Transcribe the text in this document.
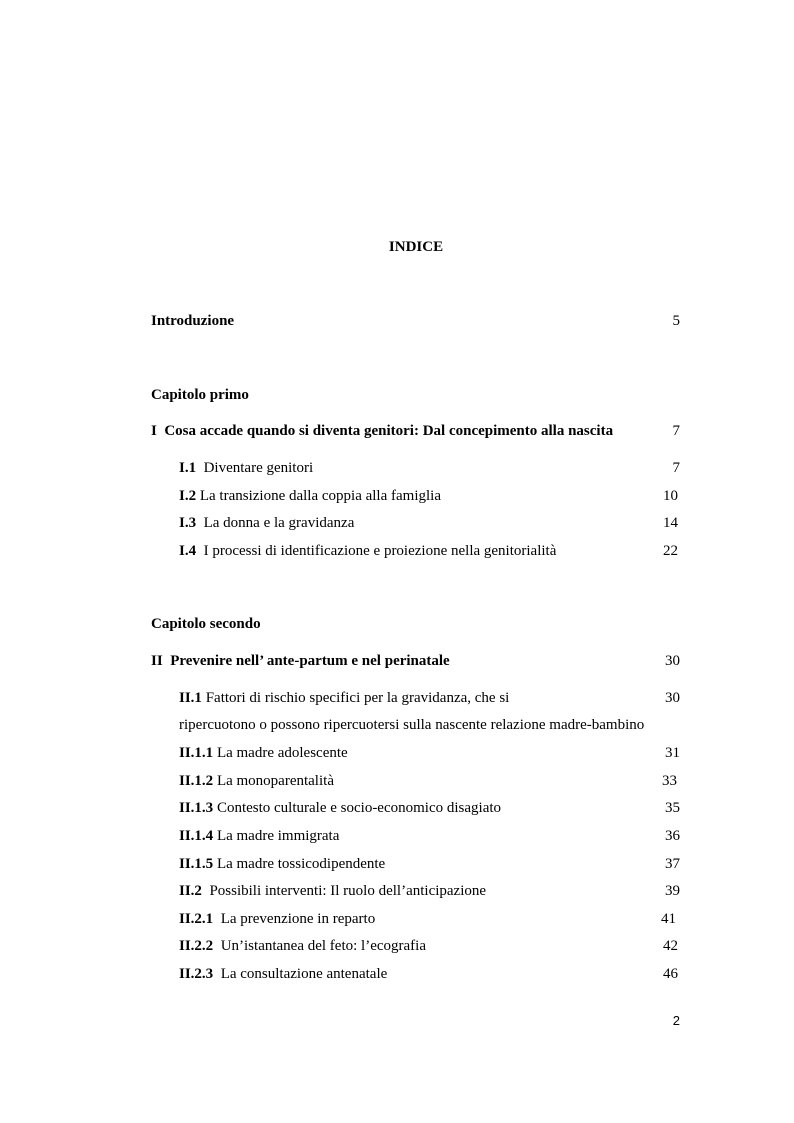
INDICE
Introduzione	5
Capitolo primo
I Cosa accade quando si diventa genitori: Dal concepimento alla nascita	7
I.1 Diventare genitori	7
I.2 La transizione dalla coppia alla famiglia	10
I.3 La donna e la gravidanza	14
I.4 I processi di identificazione e proiezione nella genitorialità	22
Capitolo secondo
II Prevenire nell’ ante-partum e nel perinatale	30
II.1 Fattori di rischio specifici per la gravidanza, che si	30
ripercuotono o possono ripercuotersi sulla nascente relazione madre-bambino
II.1.1 La madre adolescente	31
II.1.2 La monoparentalità	33
II.1.3 Contesto culturale e socio-economico disagiato	35
II.1.4 La madre immigrata	36
II.1.5 La madre tossicodipendente	37
II.2 Possibili interventi: Il ruolo dell’anticipazione	39
II.2.1 La prevenzione in reparto	41
II.2.2 Un’istantanea del feto: l’ecografia	42
II.2.3 La consultazione antenatale	46
2
